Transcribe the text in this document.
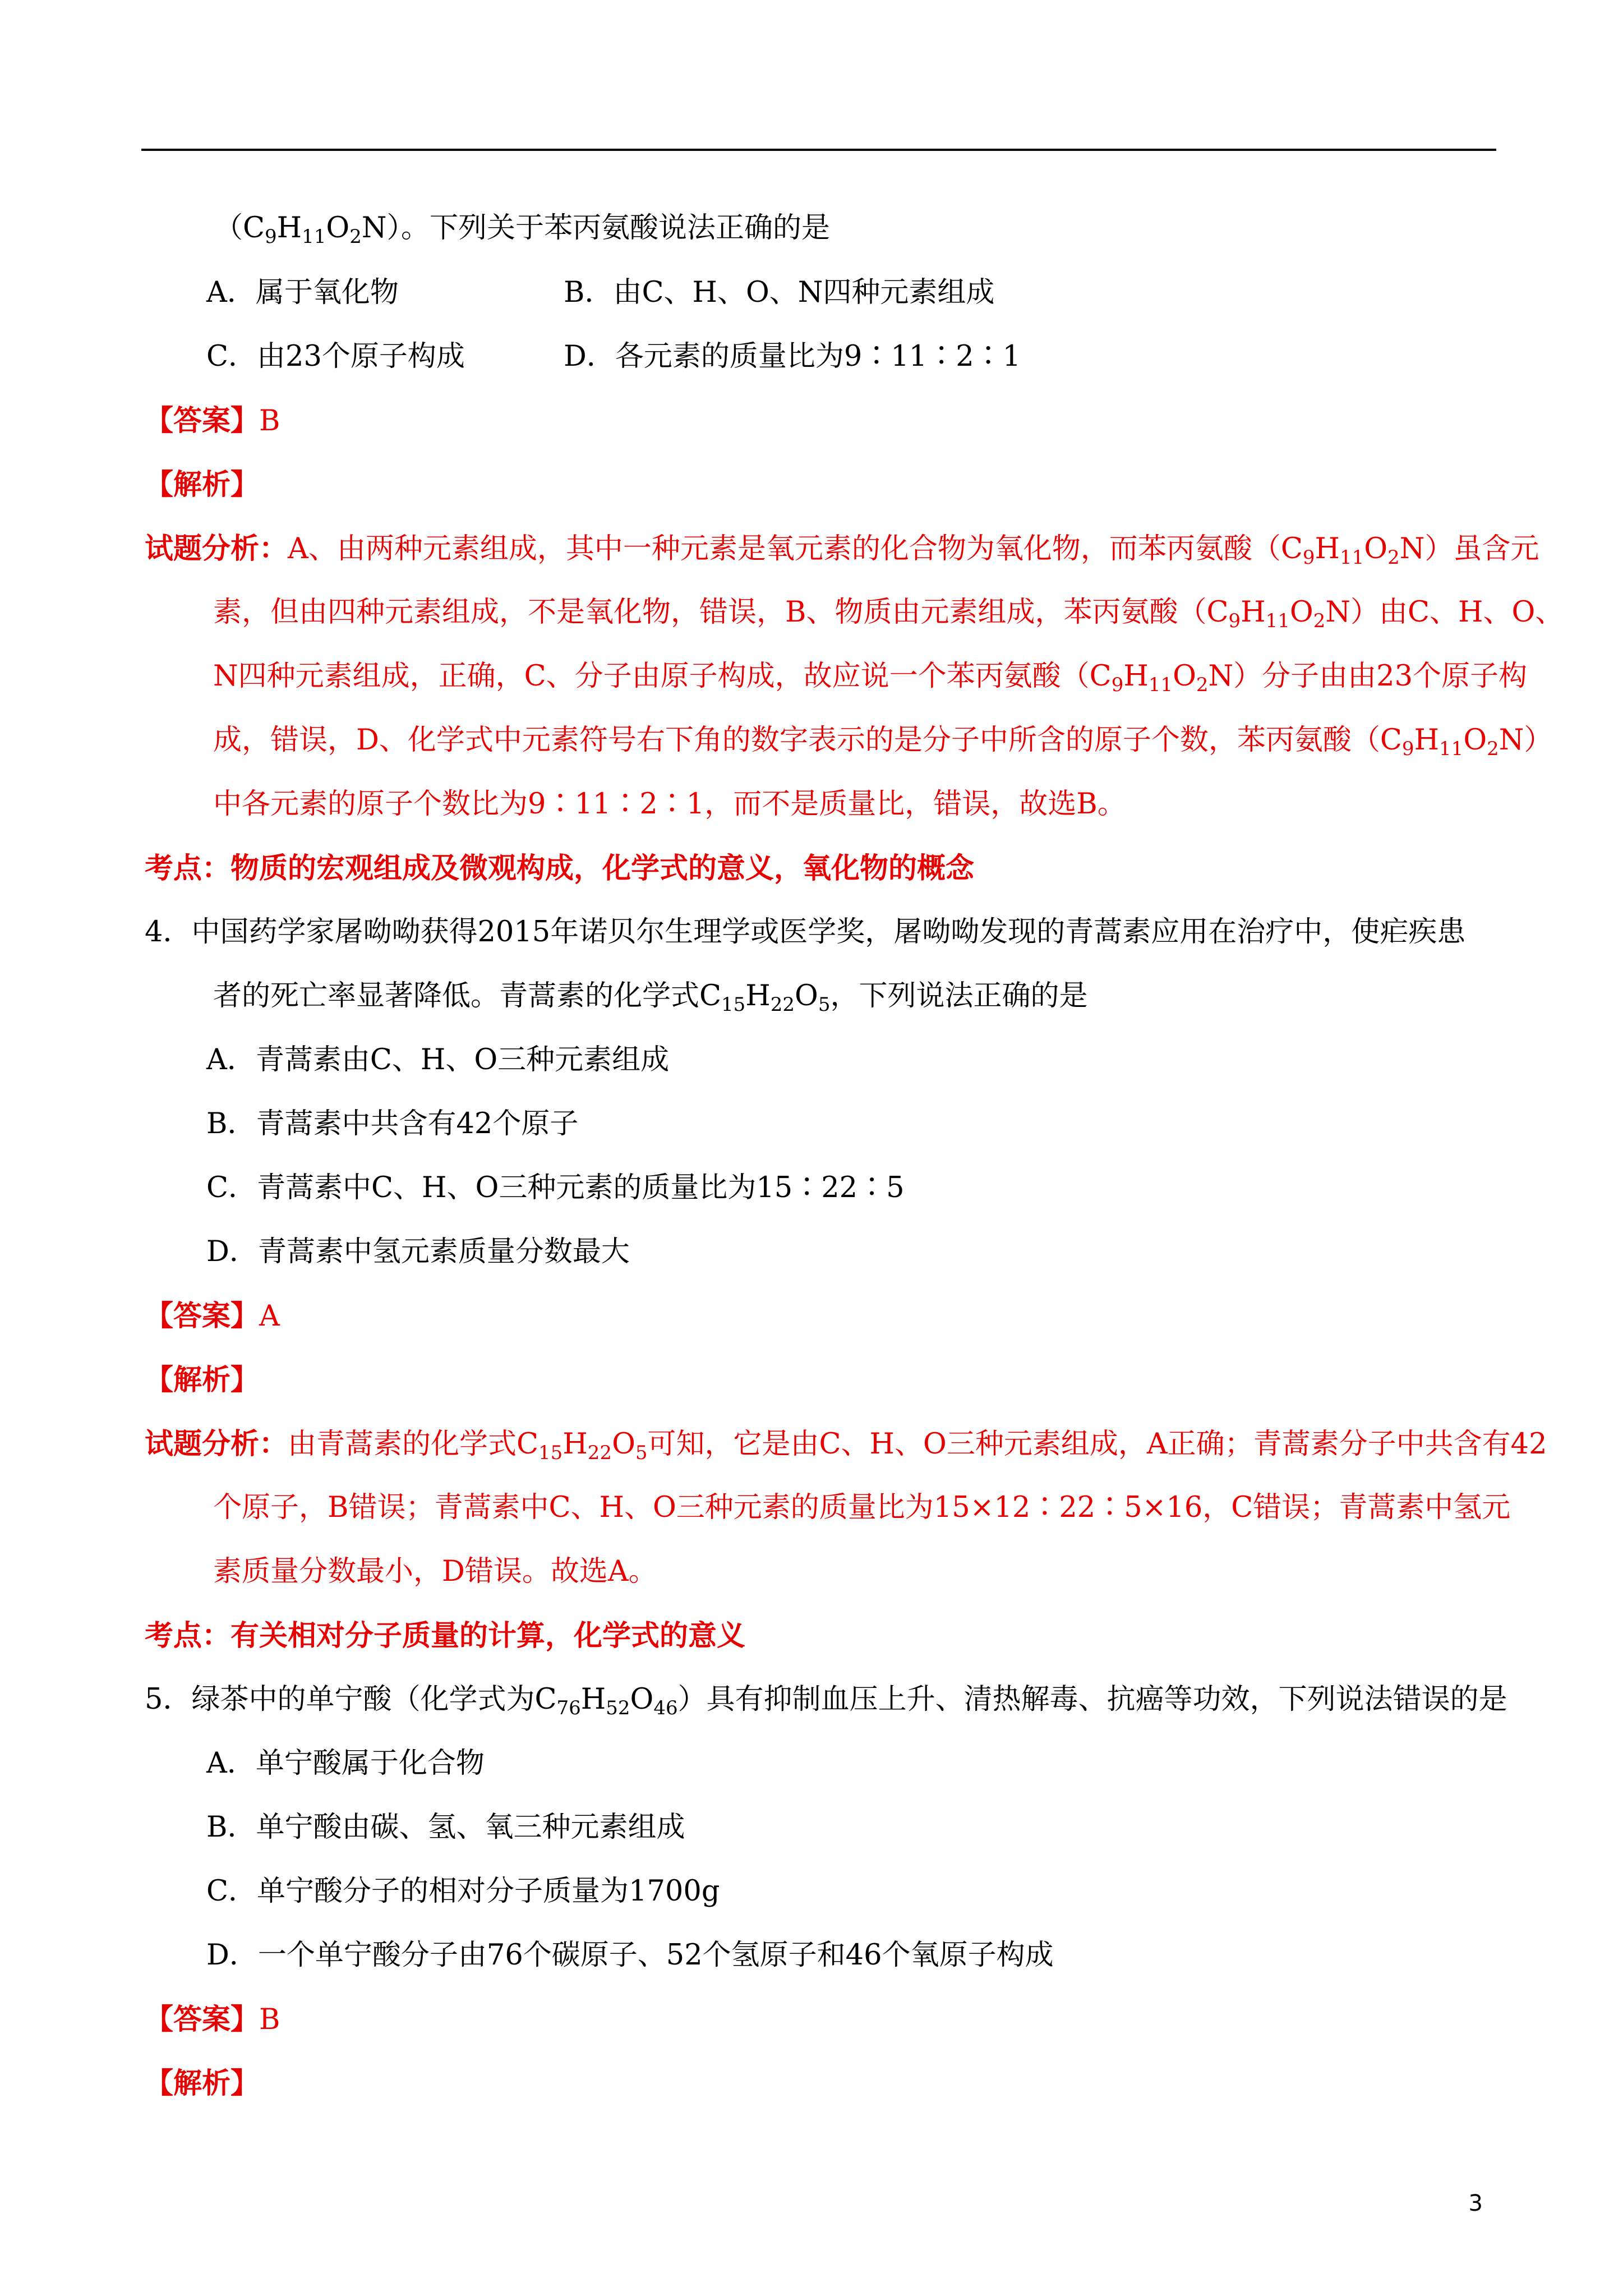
$(C_9H_{11}O_2N)$。下列关于苯丙氨酸说法正确的是
A．属于氧化物	B．由C、H、O、N四种元素组成
C．由23个原子构成	D．各元素的质量比为9∶11∶2∶1
【答案】B
【解析】
试题分析：A、由两种元素组成，其中一种元素是氧元素的化合物为氧化物，而苯丙氨酸$(C_9H_{11}O_2N)$虽含元
素，但由四种元素组成，不是氧化物，错误，B、物质由元素组成，苯丙氨酸$(C_9H_{11}O_2N)$由C、H、O、
N四种元素组成，正确，C、分子由原子构成，故应说一个苯丙氨酸$(C_9H_{11}O_2N)$分子由由23个原子构
成，错误，D、化学式中元素符号右下角的数字表示的是分子中所含的原子个数，苯丙氨酸$(C_9H_{11}O_2N)$
中各元素的原子个数比为9∶11∶2∶1，而不是质量比，错误，故选B。
考点：物质的宏观组成及微观构成，化学式的意义，氧化物的概念
4．中国药学家屠呦呦获得2015年诺贝尔生理学或医学奖，屠呦呦发现的青蒿素应用在治疗中，使疟疾患
者的死亡率显著降低。青蒿素的化学式$C_{15}H_{22}O_5$，下列说法正确的是
A．青蒿素由C、H、O三种元素组成
B．青蒿素中共含有42个原子
C．青蒿素中C、H、O三种元素的质量比为15∶22∶5
D．青蒿素中氢元素质量分数最大
【答案】A
【解析】
试题分析：由青蒿素的化学式$C_{15}H_{22}O_5$可知，它是由C、H、O三种元素组成，A正确；青蒿素分子中共含有42
个原子，B错误；青蒿素中C、H、O三种元素的质量比为15×12∶22∶5×16，C错误；青蒿素中氢元
素质量分数最小，D错误。故选A。
考点：有关相对分子质量的计算，化学式的意义
5．绿茶中的单宁酸（化学式为$C_{76}H_{52}O_{46}$）具有抑制血压上升、清热解毒、抗癌等功效，下列说法错误的是
A．单宁酸属于化合物
B．单宁酸由碳、氢、氧三种元素组成
C．单宁酸分子的相对分子质量为1700g
D．一个单宁酸分子由76个碳原子、52个氢原子和46个氧原子构成
【答案】B
【解析】
3
